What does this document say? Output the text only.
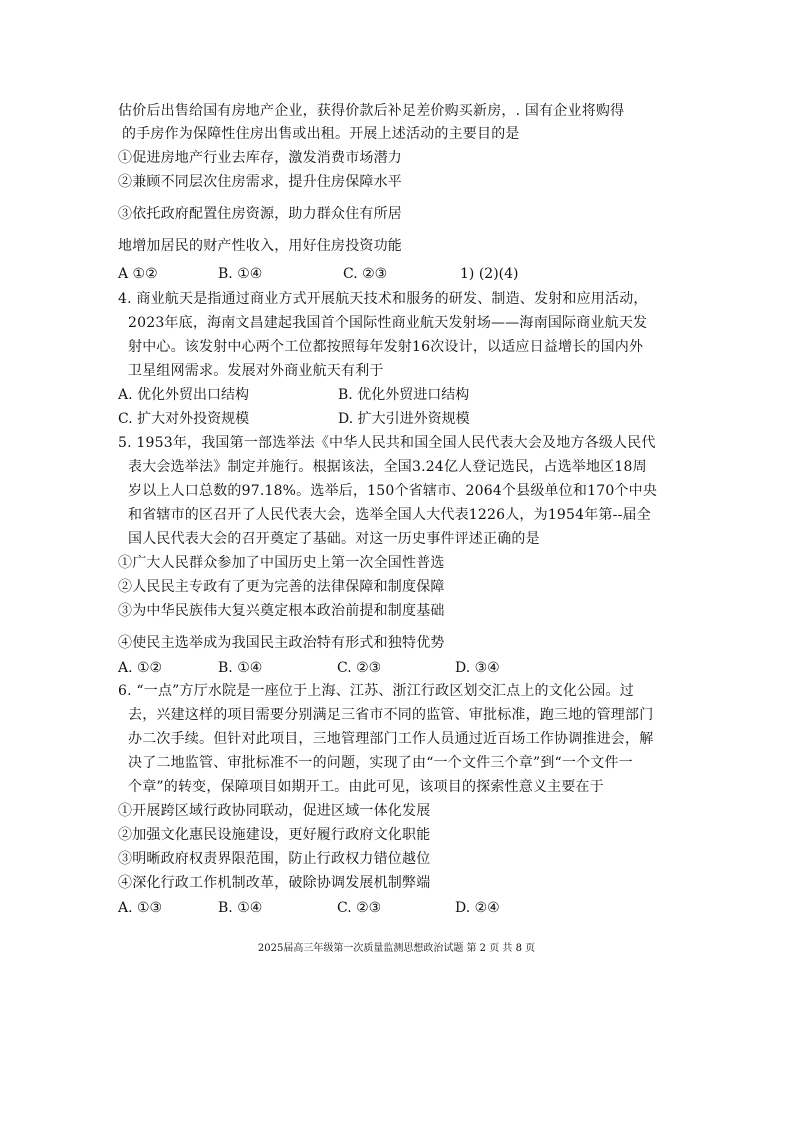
估价后出售给国有房地产企业，获得价款后补足差价购买新房，. 国有企业将购得
的手房作为保障性住房出售或出租。开展上述活动的主要目的是
①促进房地产行业去库存，激发消费市场潜力
②兼顾不同层次住房需求，提升住房保障水平
③依托政府配置住房资源，助力群众住有所居
地增加居民的财产性收入，用好住房投资功能
A ①②	B. ①④	C. ②③	1) (2)(4)
4. 商业航天是指通过商业方式开展航天技术和服务的研发、制造、发射和应用活动，
2023年底，海南文昌建起我国首个国际性商业航天发射场——海南国际商业航天发
射中心。该发射中心两个工位都按照每年发射16次设计，以适应日益增长的国内外
卫星组网需求。发展对外商业航天有利于
A. 优化外贸出口结构	B. 优化外贸进口结构
C. 扩大对外投资规模	D. 扩大引进外资规模
5. 1953年，我国第一部选举法《中华人民共和国全国人民代表大会及地方各级人民代
表大会选举法》制定并施行。根据该法，全国3.24亿人登记选民，占选举地区18周
岁以上人口总数的97.18%。选举后，150个省辖市、2064个县级单位和170个中央
和省辖市的区召开了人民代表大会，选举全国人大代表1226人，为1954年第--届全
国人民代表大会的召开奠定了基础。对这一历史事件评述正确的是
①广大人民群众参加了中国历史上第一次全国性普选
②人民民主专政有了更为完善的法律保障和制度保障
③为中华民族伟大复兴奠定根本政治前提和制度基础
④使民主选举成为我国民主政治特有形式和独特优势
A. ①②	B. ①④	C. ②③	D. ③④
6. “一点”方厅水院是一座位于上海、江苏、浙江行政区划交汇点上的文化公园。过
去，兴建这样的项目需要分别满足三省市不同的监管、审批标准，跑三地的管理部门
办二次手续。但针对此项目，三地管理部门工作人员通过近百场工作协调推进会，解
决了二地监管、审批标准不一的问题，实现了由“一个文件三个章”到“一个文件一
个章”的转变，保障项目如期开工。由此可见，该项目的探索性意义主要在于
①开展跨区域行政协同联动，促进区域一体化发展
②加强文化惠民设施建设，更好履行政府文化职能
③明晰政府权责界限范围，防止行政权力错位越位
④深化行政工作机制改革，破除协调发展机制弊端
A. ①③	B. ①④	C. ②③	D. ②④
2025届高三年级第一次质量监测思想政治试题 第 2 页 共 8 页
